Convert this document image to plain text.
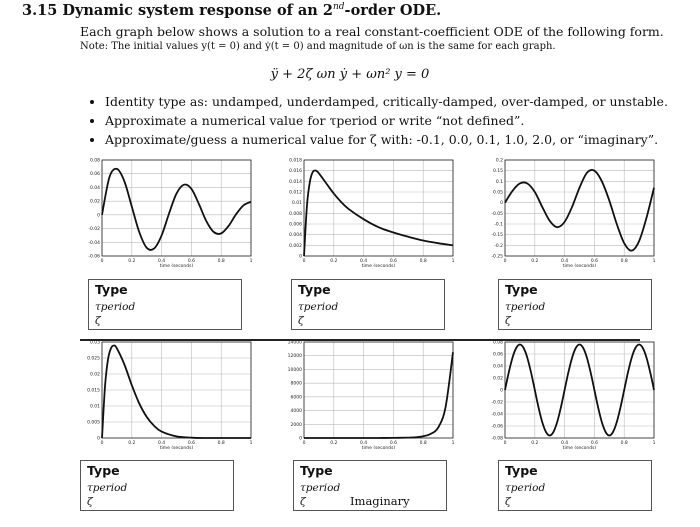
3.15 Dynamic system response of an 2nd-order ODE.
Each graph below shows a solution to a real constant-coefficient ODE of the following form.
Note: The initial values y(t = 0) and ẏ(t = 0) and magnitude of ωn is the same for each graph.
ÿ + 2ζ ωn ẏ + ωn² y = 0
• Identity type as: undamped, underdamped, critically-damped, over-damped, or unstable.
• Approximate a numerical value for τperiod or write “not defined”.
• Approximate/guess a numerical value for ζ with: -0.1, 0.0, 0.1, 1.0, 2.0, or “imaginary”.
0	0.2	0.4	0.6	0.8	1
0.08
0.06
0.04
0.02
0
-0.02
-0.04
-0.06
time (seconds)
0	0.2	0.4	0.6	0.8	1
0.018
0.016
0.014
0.012
0.01
0.008
0.006
0.004
0.002
0
time (seconds)
0	0.2	0.4	0.6	0.8	1
0.2
0.15
0.1
0.05
0
-0.05
-0.1
-0.15
-0.2
-0.25
time (seconds)
0	0.2	0.4	0.6	0.8	1
0.03
0.025
0.02
0.015
0.01
0.005
0
time (seconds)
0	0.2	0.4	0.6	0.8	1
14000
12000
10000
8000
6000
4000
2000
0
time (seconds)
0	0.2	0.4	0.6	0.8	1
0.08
0.06
0.04
0.02
0
-0.02
-0.04
-0.06
-0.08
time (seconds)
Type
τperiod
ζ
Type
τperiod
ζ
Type
τperiod
ζ
Type
τperiod
ζ
Type
τperiod
ζ	Imaginary
Type
τperiod
ζ
